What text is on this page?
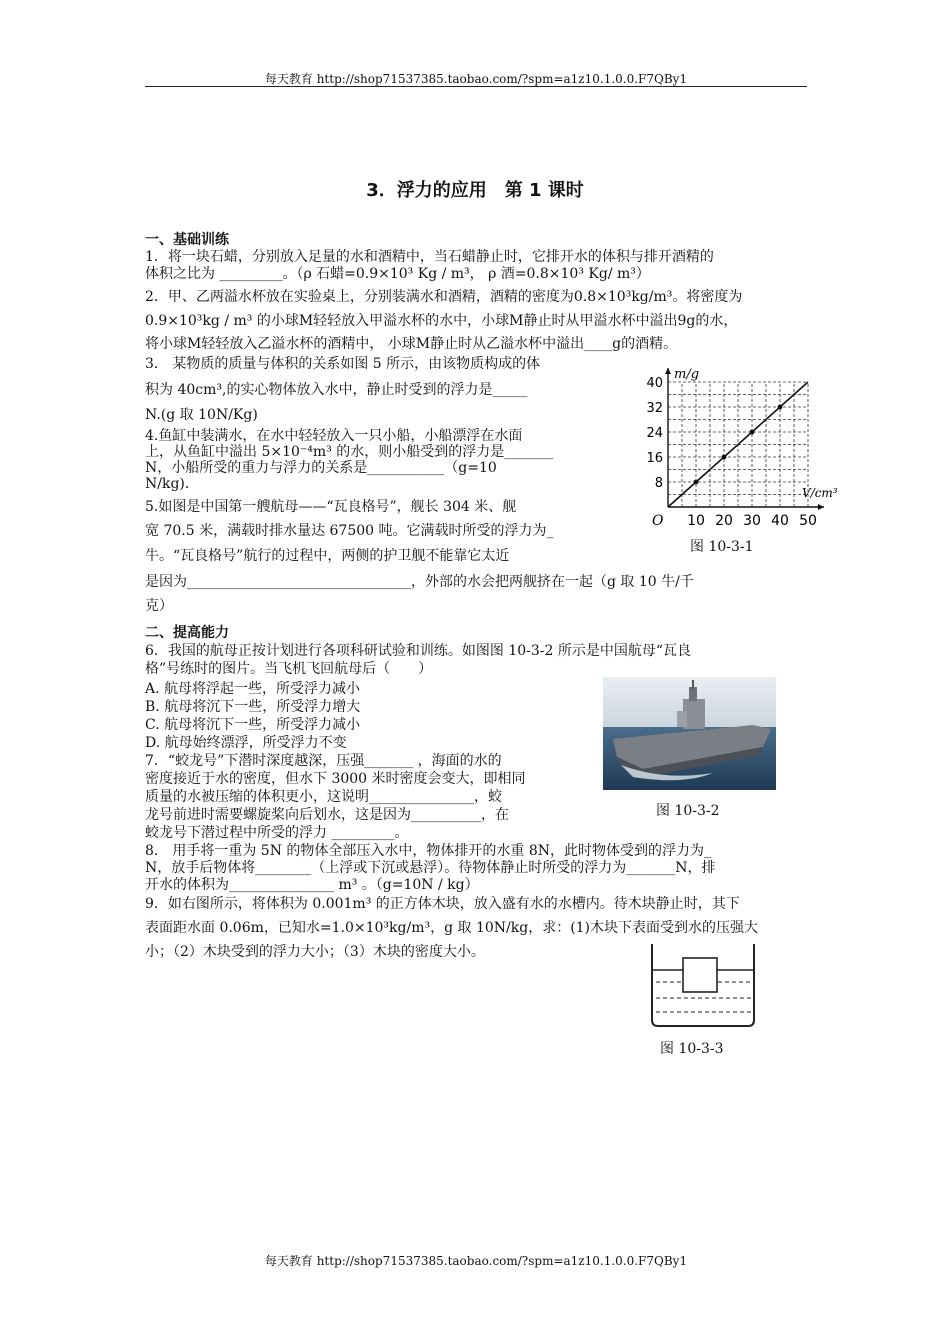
每天教育 http://shop71537385.taobao.com/?spm=a1z10.1.0.0.F7QBy1
3．浮力的应用　第 1 课时
一、基础训练
1．将一块石蜡，分别放入足量的水和酒精中，当石蜡静止时，它排开水的体积与排开酒精的
体积之比为 _________。（ρ 石蜡=0.9×10³ Kg / m³， ρ 酒=0.8×10³ Kg/ m³）
2．甲、乙两溢水杯放在实验桌上，分别装满水和酒精，酒精的密度为0.8×10³kg/m³。将密度为
0.9×10³kg / m³ 的小球M轻轻放入甲溢水杯的水中，小球M静止时从甲溢水杯中溢出9g的水，
将小球M轻轻放入乙溢水杯的酒精中， 小球M静止时从乙溢水杯中溢出____g的酒精。
3． 某物质的质量与体积的关系如图 5 所示，由该物质构成的体
积为 40cm³,的实心物体放入水中，静止时受到的浮力是_____
N.(g 取 10N/Kg)
4.鱼缸中装满水，在水中轻轻放入一只小船，小船漂浮在水面
上，从鱼缸中溢出 5×10⁻⁴m³ 的水，则小船受到的浮力是_______
N，小船所受的重力与浮力的关系是___________（g=10
N/kg)．
5.如图是中国第一艘航母——“瓦良格号”，舰长 304 米、舰
宽 70.5 米，满载时排水量达 67500 吨。它满载时所受的浮力为_
牛。“瓦良格号”航行的过程中，两侧的护卫舰不能靠它太近
是因为________________________________，外部的水会把两舰挤在一起（g 取 10 牛/千
克）
10 20 30 40 50
8
16
24
32
40
m/g
V/cm³
O
图 10-3-1
二、提高能力
6．我国的航母正按计划进行各项科研试验和训练。如图图 10-3-2 所示是中国航母“瓦良
格”号练时的图片。当飞机飞回航母后（　　）
A. 航母将浮起一些，所受浮力减小
B. 航母将沉下一些，所受浮力增大
C. 航母将沉下一些，所受浮力减小
D. 航母始终漂浮，所受浮力不变
图 10-3-2
7．“蛟龙号”下潜时深度越深，压强_______ ，海面的水的
密度接近于水的密度，但水下 3000 米时密度会变大，即相同
质量的水被压缩的体积更小，这说明_______________，蛟
龙号前进时需要螺旋桨向后划水，这是因为__________，在
蛟龙号下潜过程中所受的浮力 _________。
8． 用手将一重为 5N 的物体全部压入水中，物体排开的水重 8N，此时物体受到的浮力为_
N，放手后物体将________（上浮或下沉或悬浮）。待物体静止时所受的浮力为_______N，排
开水的体积为_______________ m³ 。（g=10N / kg）
9．如右图所示，将体积为 0.001m³ 的正方体木块，放入盛有水的水槽内。待木块静止时，其下
表面距水面 0.06m，已知水=1.0×10³kg/m³，g 取 10N/kg，求：(1)木块下表面受到水的压强大
小；（2）木块受到的浮力大小；（3）木块的密度大小。
图 10-3-3
每天教育 http://shop71537385.taobao.com/?spm=a1z10.1.0.0.F7QBy1
